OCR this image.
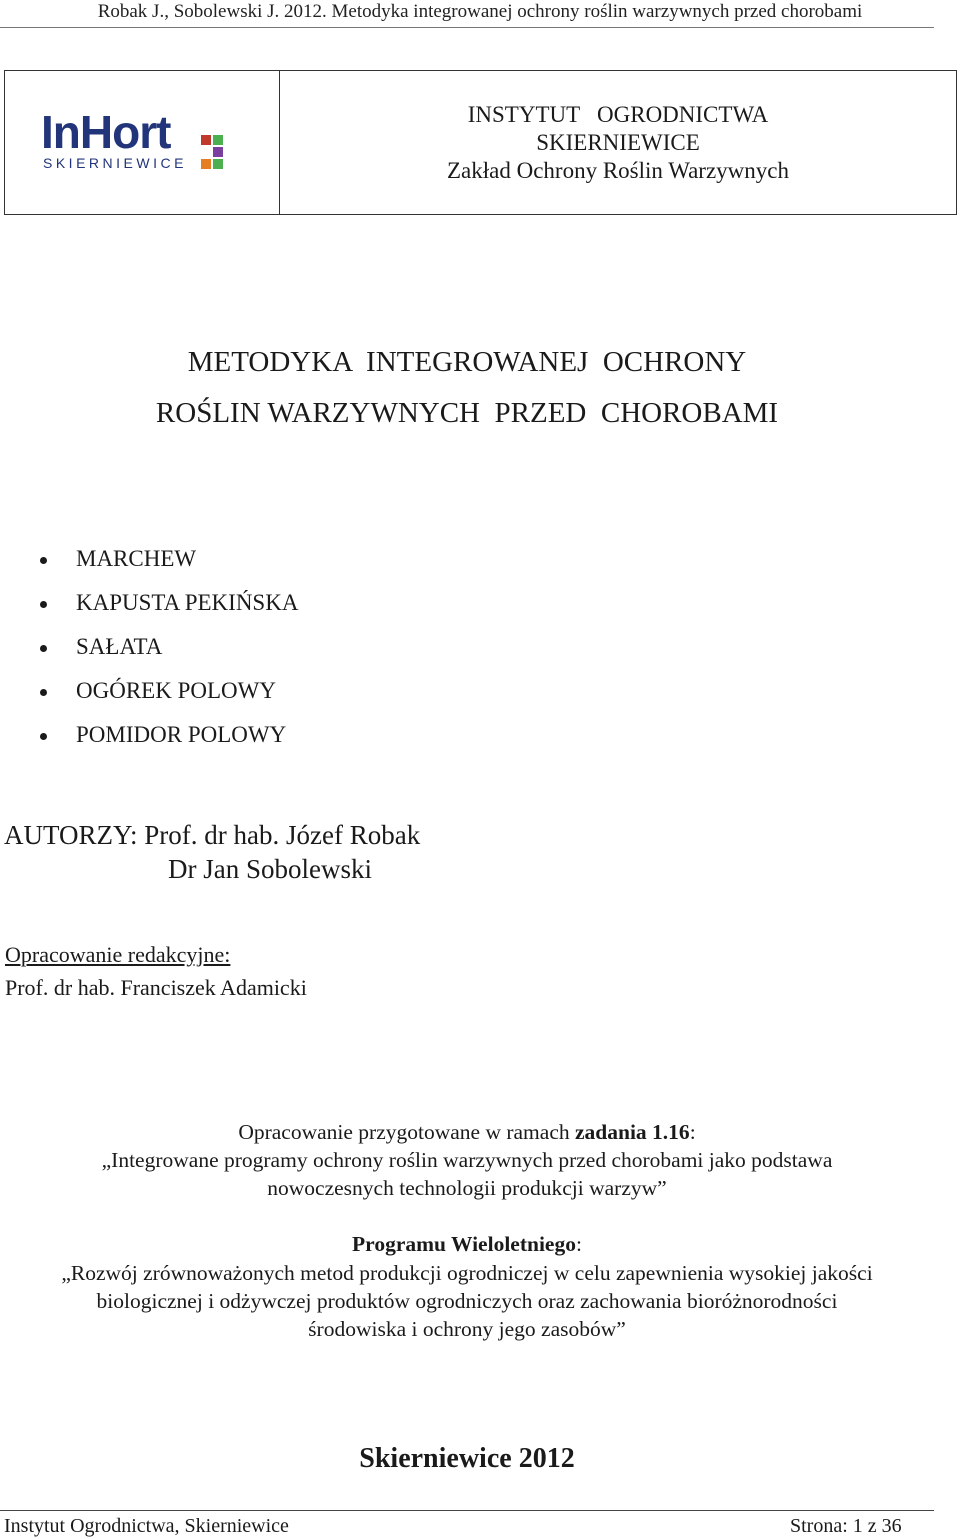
Robak J., Sobolewski J. 2012. Metodyka integrowanej ochrony roślin warzywnych przed chorobami
InHort
SKIERNIEWICE
INSTYTUT   OGRODNICTWA
SKIERNIEWICE
Zakład Ochrony Roślin Warzywnych
METODYKA  INTEGROWANEJ  OCHRONY
ROŚLIN WARZYWNYCH  PRZED  CHOROBAMI
MARCHEW
KAPUSTA PEKIŃSKA
SAŁATA
OGÓREK POLOWY
POMIDOR POLOWY
AUTORZY: Prof. dr hab. Józef Robak
Dr Jan Sobolewski
Opracowanie redakcyjne:
Prof. dr hab. Franciszek Adamicki
Opracowanie przygotowane w ramach zadania 1.16:
„Integrowane programy ochrony roślin warzywnych przed chorobami jako podstawa
nowoczesnych technologii produkcji warzyw”
Programu Wieloletniego:
„Rozwój zrównoważonych metod produkcji ogrodniczej w celu zapewnienia wysokiej jakości
biologicznej i odżywczej produktów ogrodniczych oraz zachowania bioróżnorodności
środowiska i ochrony jego zasobów”
Skierniewice 2012
Instytut Ogrodnictwa, Skierniewice	Strona: 1 z 36
